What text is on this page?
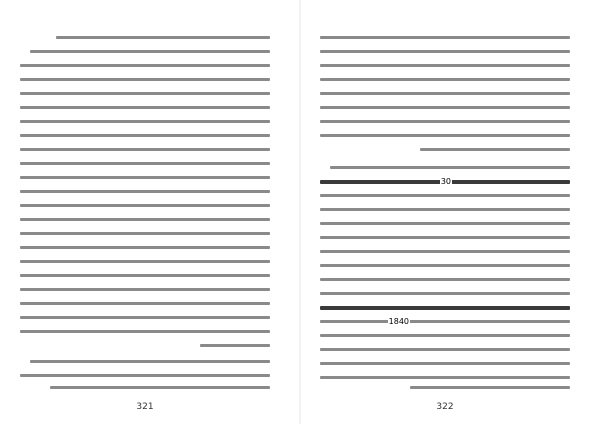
321
30
1840
322
